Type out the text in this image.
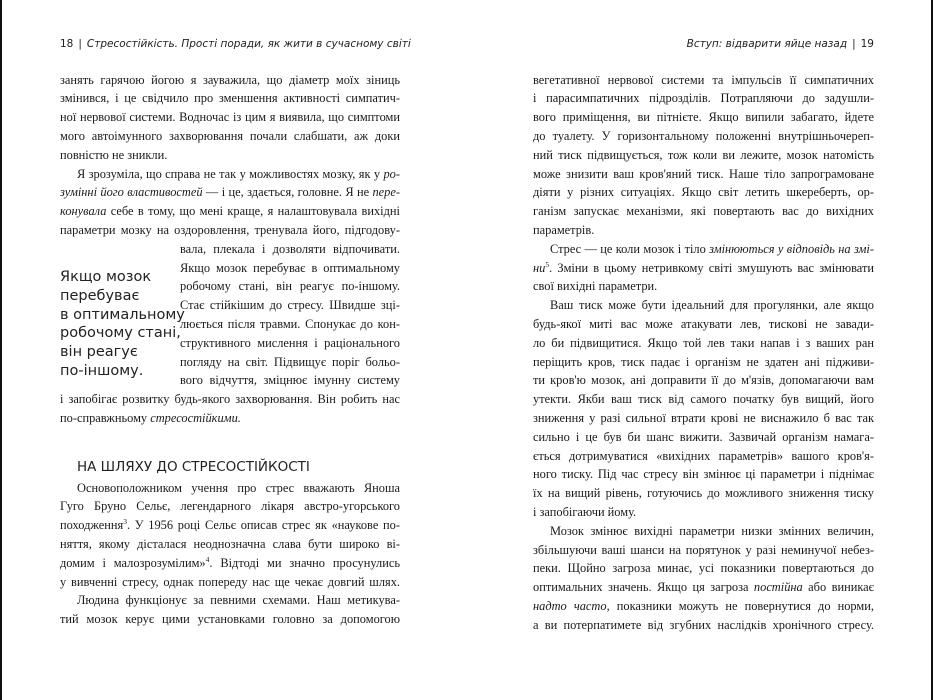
18 | Стресостійкість. Прості поради, як жити в сучасному світі	Вступ: відварити яйце назад | 19
занять гарячою йогою я зауважила, що діаметр моїх зіниць
змінився, і це свідчило про зменшення активності симпатич-
ної нервової системи. Водночас із цим я виявила, що симптоми
мого автоімунного захворювання почали слабшати, аж доки
повністю не зникли.
Я зрозуміла, що справа не так у можливостях мозку, як у ро-
зумінні його властивостей — і це, здається, головне. Я не пере-
конувала себе в тому, що мені краще, я налаштовувала вихідні
параметри мозку на оздоровлення, тренувала його, підгодову-
вала, плекала і дозволяти відпочивати.
Якщо мозок перебуває в оптимальному
робочому стані, він реагує по-іншому.
Стає стійкішим до стресу. Швидше зці-
люється після травми. Спонукає до кон-
структивного мислення і раціонального
погляду на світ. Підвищує поріг больо-
вого відчуття, зміцнює імунну систему
і запобігає розвитку будь-якого захворювання. Він робить нас
по-справжньому стресостійкими.
Якщо мозок
перебуває
в оптимальному
робочому стані,
він реагує
по-іншому.
НА ШЛЯХУ ДО СТРЕСОСТІЙКОСТІ
Основоположником учення про стрес вважають Яноша
Гуго Бруно Сельє, легендарного лікаря австро-угорського
походження$^3$. У 1956 році Сельє описав стрес як «наукове по-
няття, якому дісталася неоднозначна слава бути широко ві-
домим і малозрозумілим»$^4$. Відтоді ми значно просунулись
у вивченні стресу, однак попереду нас ще чекає довгий шлях.
Людина функціонує за певними схемами. Наш метикува-
тий мозок керує цими установками головно за допомогою
вегетативної нервової системи та імпульсів її симпатичних
і парасимпатичних підрозділів. Потрапляючи до задушли-
вого приміщення, ви пітнієте. Якщо випили забагато, йдете
до туалету. У горизонтальному положенні внутрішньочереп-
ний тиск підвищується, тож коли ви лежите, мозок натомість
може знизити ваш кров'яний тиск. Наше тіло запрограмоване
діяти у різних ситуаціях. Якщо світ летить шкереберть, ор-
ганізм запускає механізми, які повертають вас до вихідних
параметрів.
Стрес — це коли мозок і тіло змінюються у відповідь на змі-
$ни^5$. Зміни в цьому нетривкому світі змушують вас змінювати
свої вихідні параметри.
Ваш тиск може бути ідеальний для прогулянки, але якщо
будь-якої миті вас може атакувати лев, тискові не завади-
ло би підвищитися. Якщо той лев таки напав і з ваших ран
періщить кров, тиск падає і організм не здатен ані підживи-
ти кров'ю мозок, ані доправити її до м'язів, допомагаючи вам
утекти. Якби ваш тиск від самого початку був вищий, його
зниження у разі сильної втрати крові не виснажило б вас так
сильно і це був би шанс вижити. Зазвичай організм намага-
ється дотримуватися «вихідних параметрів» вашого кров'я-
ного тиску. Під час стресу він змінює ці параметри і піднімає
їх на вищий рівень, готуючись до можливого зниження тиску
і запобігаючи йому.
Мозок змінює вихідні параметри низки змінних величин,
збільшуючи ваші шанси на порятунок у разі неминучої небез-
пеки. Щойно загроза минає, усі показники повертаються до
оптимальних значень. Якщо ця загроза постійна або виникає
надто часто, показники можуть не повернутися до норми,
а ви потерпатимете від згубних наслідків хронічного стресу.
